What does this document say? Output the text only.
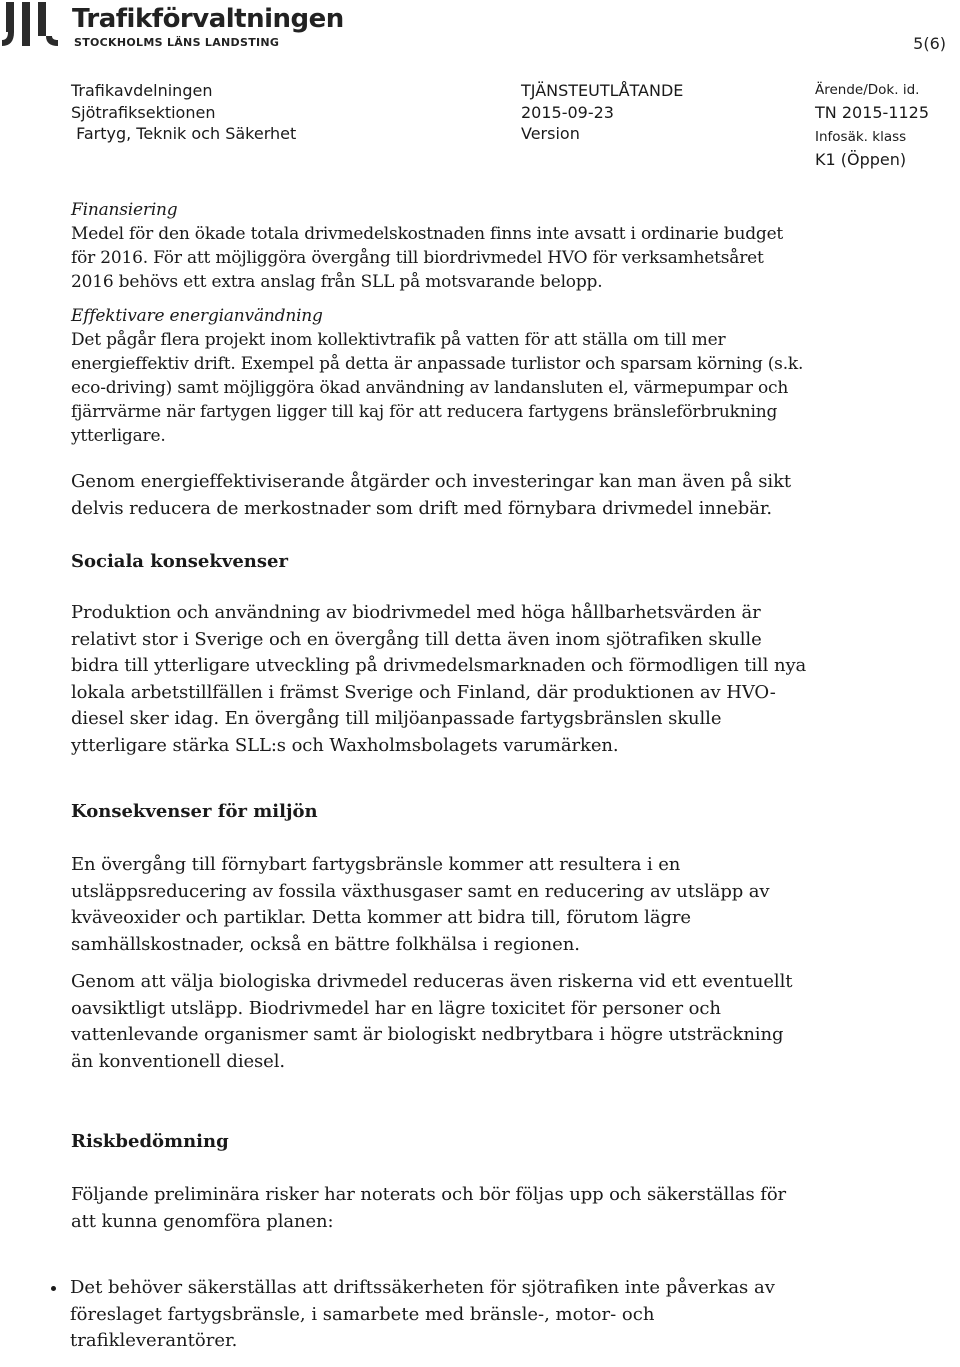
Trafikförvaltningen
STOCKHOLMS LÄNS LANDSTING	5(6)
Trafikavdelningen
Sjötrafiksektionen
Fartyg, Teknik och Säkerhet
TJÄNSTEUTLÅTANDE
2015-09-23
Version
Ärende/Dok. id.
TN 2015-1125
Infosäk. klass
K1 (Öppen)

Finansiering

Medel för den ökade totala drivmedelskostnaden finns inte avsatt i ordinarie budget för 2016. För att möjliggöra övergång till biordrivmedel HVO för verksamhetsåret 2016 behövs ett extra anslag från SLL på motsvarande belopp.

Effektivare energianvändning

Det pågår flera projekt inom kollektivtrafik på vatten för att ställa om till mer energieffektiv drift. Exempel på detta är anpassade turlistor och sparsam körning (s.k. eco-driving) samt möjliggöra ökad användning av landansluten el, värmepumpar och fjärrvärme när fartygen ligger till kaj för att reducera fartygens bränsleförbrukning ytterligare.

Genom energieffektiviserande åtgärder och investeringar kan man även på sikt delvis reducera de merkostnader som drift med förnybara drivmedel innebär.

Sociala konsekvenser

Produktion och användning av biodrivmedel med höga hållbarhetsvärden är relativt stor i Sverige och en övergång till detta även inom sjötrafiken skulle bidra till ytterligare utveckling på drivmedelsmarknaden och förmodligen till nya lokala arbetstillfällen i främst Sverige och Finland, där produktionen av HVO-diesel sker idag. En övergång till miljöanpassade fartygsbränslen skulle ytterligare stärka SLL:s och Waxholmsbolagets varumärken.

Konsekvenser för miljön

En övergång till förnybart fartygsbränsle kommer att resultera i en utsläppsreducering av fossila växthusgaser samt en reducering av utsläpp av kväveoxider och partiklar. Detta kommer att bidra till, förutom lägre samhällskostnader, också en bättre folkhälsa i regionen.

Genom att välja biologiska drivmedel reduceras även riskerna vid ett eventuellt oavsiktligt utsläpp. Biodrivmedel har en lägre toxicitet för personer och vattenlevande organismer samt är biologiskt nedbrytbara i högre utsträckning än konventionell diesel.

Riskbedömning

Följande preliminära risker har noterats och bör följas upp och säkerställas för att kunna genomföra planen:

• Det behöver säkerställas att driftssäkerheten för sjötrafiken inte påverkas av föreslaget fartygsbränsle, i samarbete med bränsle-, motor- och trafikleverantörer.
